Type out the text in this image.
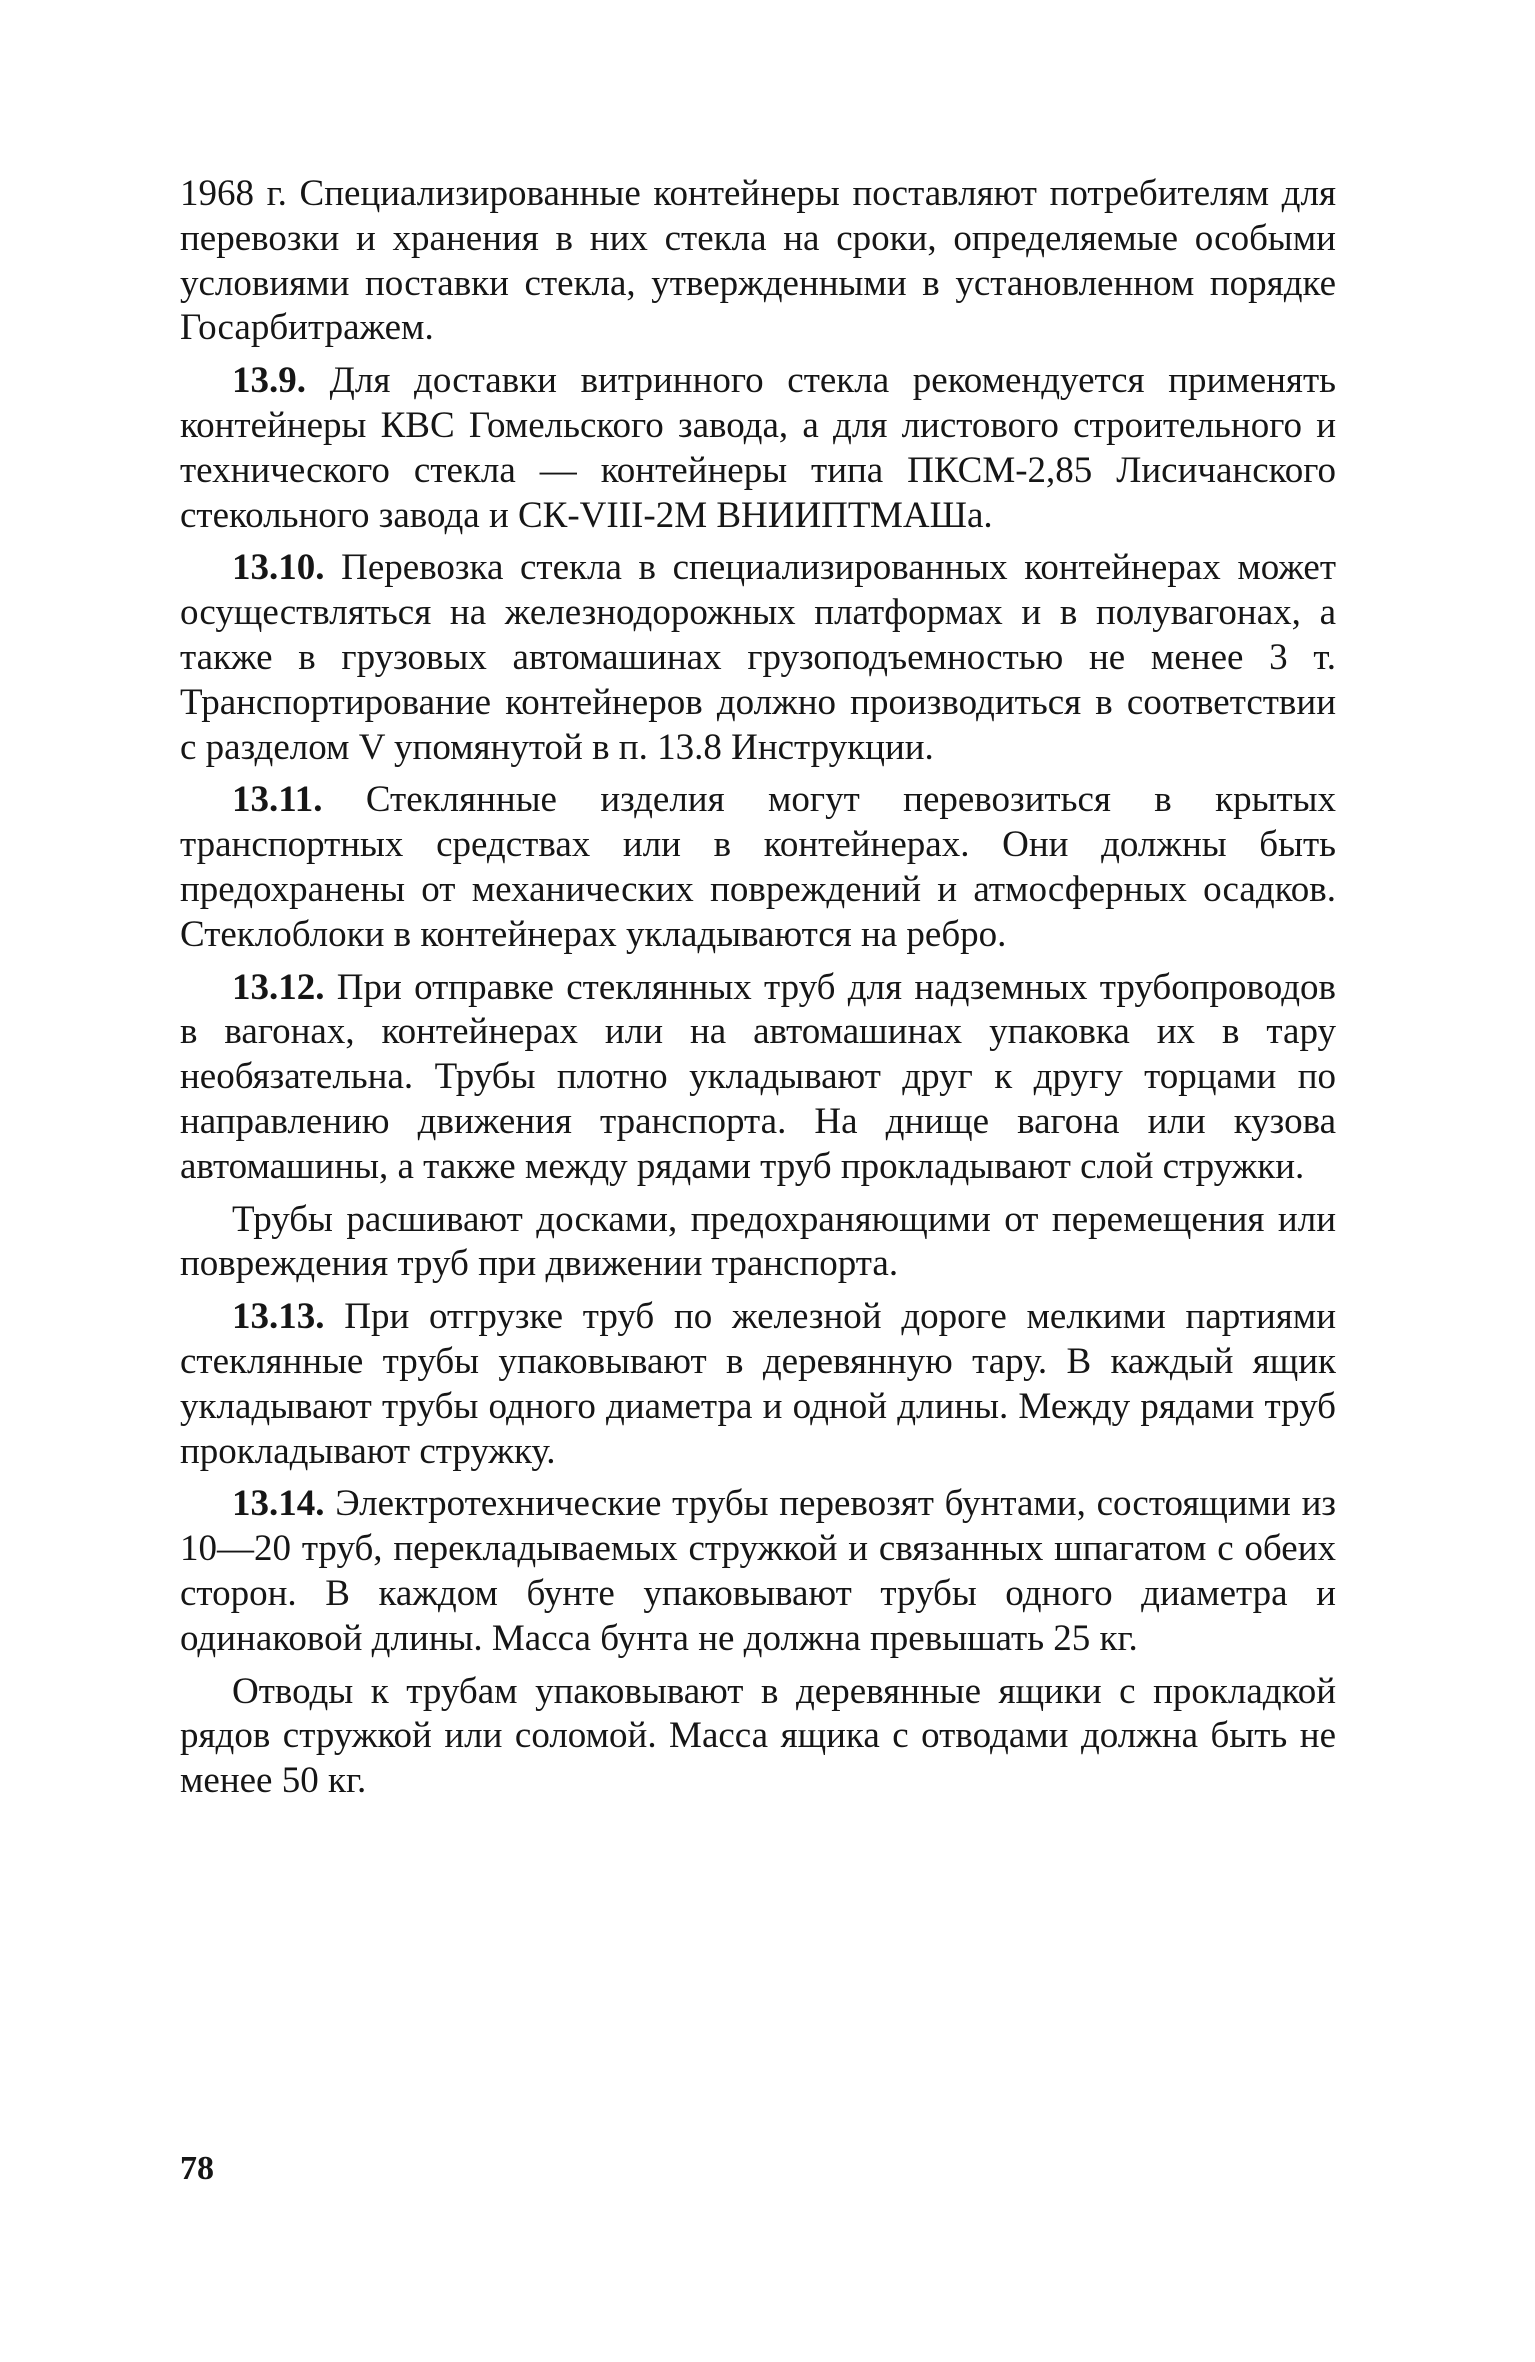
1968 г. Специализированные контейнеры поставляют потребителям для перевозки и хранения в них стекла на сроки, определяемые особыми условиями поставки стекла, утвержденными в установленном порядке Госарбитражем.

13.9. Для доставки витринного стекла рекомендуется применять контейнеры КВС Гомельского завода, а для листового строительного и технического стекла — контейнеры типа ПКСМ-2,85 Лисичанского стекольного завода и СК-VIII-2М ВНИИПТМАШа.

13.10. Перевозка стекла в специализированных контейнерах может осуществляться на железнодорожных платформах и в полувагонах, а также в грузовых автомашинах грузоподъемностью не менее 3 т. Транспортирование контейнеров должно производиться в соответствии с разделом V упомянутой в п. 13.8 Инструкции.

13.11. Стеклянные изделия могут перевозиться в крытых транспортных средствах или в контейнерах. Они должны быть предохранены от механических повреждений и атмосферных осадков. Стеклоблоки в контейнерах укладываются на ребро.

13.12. При отправке стеклянных труб для надземных трубопроводов в вагонах, контейнерах или на автомашинах упаковка их в тару необязательна. Трубы плотно укладывают друг к другу торцами по направлению движения транспорта. На днище вагона или кузова автомашины, а также между рядами труб прокладывают слой стружки.

Трубы расшивают досками, предохраняющими от перемещения или повреждения труб при движении транспорта.

13.13. При отгрузке труб по железной дороге мелкими партиями стеклянные трубы упаковывают в деревянную тару. В каждый ящик укладывают трубы одного диаметра и одной длины. Между рядами труб прокладывают стружку.

13.14. Электротехнические трубы перевозят бунтами, состоящими из 10—20 труб, перекладываемых стружкой и связанных шпагатом с обеих сторон. В каждом бунте упаковывают трубы одного диаметра и одинаковой длины. Масса бунта не должна превышать 25 кг.

Отводы к трубам упаковывают в деревянные ящики с прокладкой рядов стружкой или соломой. Масса ящика с отводами должна быть не менее 50 кг.

78
